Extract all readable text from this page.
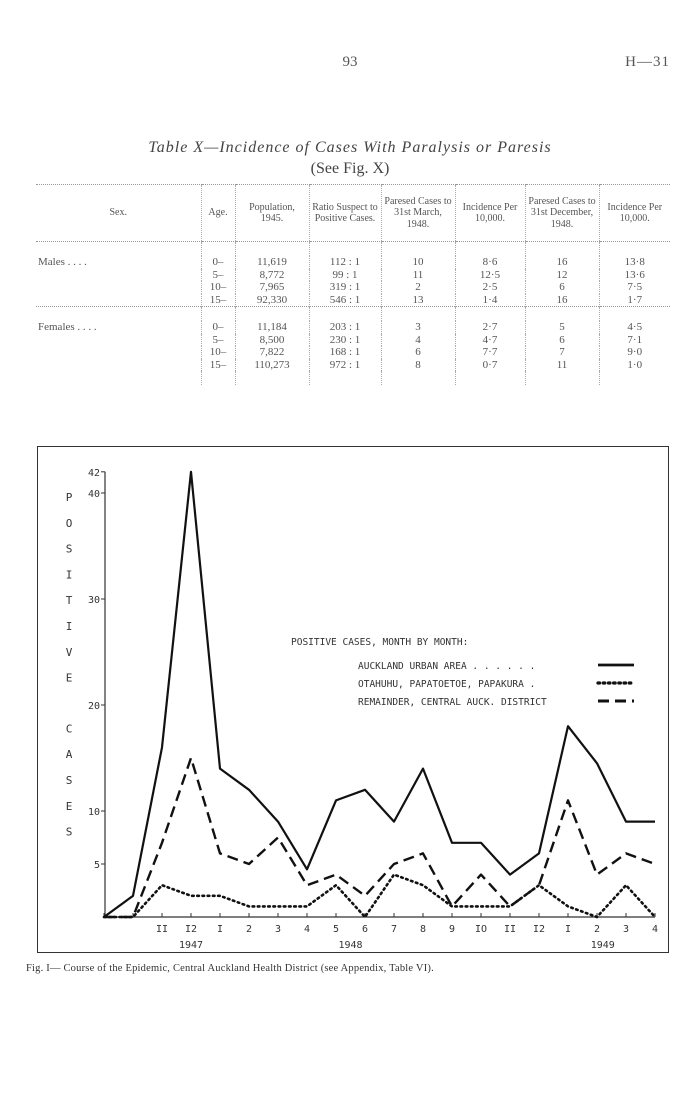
93	H—31
Table X—Incidence of Cases With Paralysis or Paresis
(See Fig. X)
Sex.	Age.	Population, 1945.	Ratio Suspect to Positive Cases.	Paresed Cases to 31st March, 1948.	Incidence Per 10,000.	Paresed Cases to 31st December, 1948.	Incidence Per 10,000.

Males . . . .	0–	11,619	112 : 1	10	8·6	16	13·8
	5–	8,772	99 : 1	11	12·5	12	13·6
	10–	7,965	319 : 1	2	2·5	6	7·5
	15–	92,330	546 : 1	13	1·4	16	1·7

Females . . . .	0–	11,184	203 : 1	3	2·7	5	4·5
	5–	8,500	230 : 1	4	4·7	6	7·1
	10–	7,822	168 : 1	6	7·7	7	9·0
	15–	110,273	972 : 1	8	0·7	11	1·0

5
10
20
30
40
42
P
O
S
I
T
I
V
E
C
A
S
E
S
II I2 I 2 3 4 5 6 7 8 9 IO II I2 I 2 3 4
1947	1948	1949
POSITIVE CASES, MONTH BY MONTH:
AUCKLAND URBAN AREA . . . . . .
OTAHUHU, PAPATOETOE, PAPAKURA .
REMAINDER, CENTRAL AUCK. DISTRICT
Fig. I— Course of the Epidemic, Central Auckland Health District (see Appendix, Table VI).
